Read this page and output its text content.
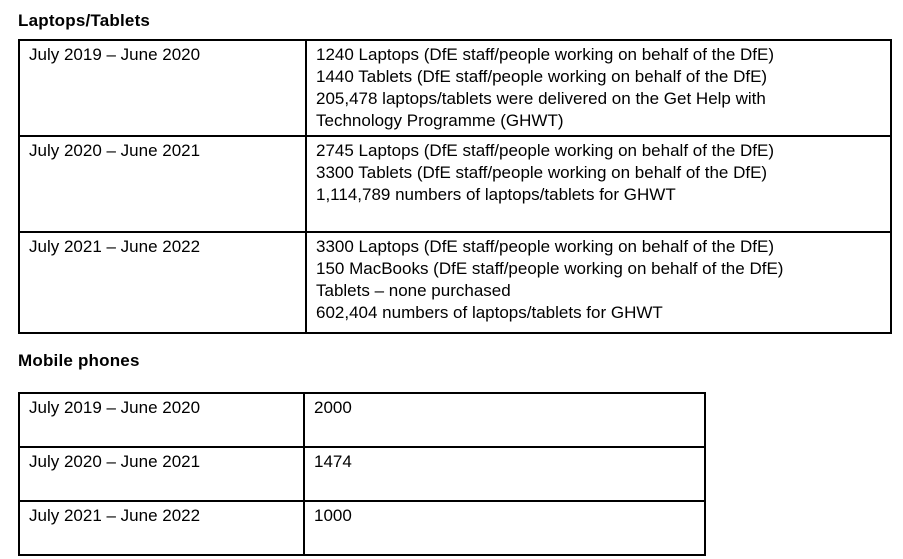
Laptops/Tablets
July 2019 – June 2020	1240 Laptops (DfE staff/people working on behalf of the DfE)
1440 Tablets (DfE staff/people working on behalf of the DfE)
205,478 laptops/tablets were delivered on the Get Help with
Technology Programme (GHWT)

July 2020 – June 2021	2745 Laptops (DfE staff/people working on behalf of the DfE)
3300 Tablets (DfE staff/people working on behalf of the DfE)
1,114,789 numbers of laptops/tablets for GHWT

July 2021 – June 2022	3300 Laptops (DfE staff/people working on behalf of the DfE)
150 MacBooks (DfE staff/people working on behalf of the DfE)
Tablets – none purchased
602,404 numbers of laptops/tablets for GHWT
Mobile phones
July 2019 – June 2020	2000
July 2020 – June 2021	1474
July 2021 – June 2022	1000
